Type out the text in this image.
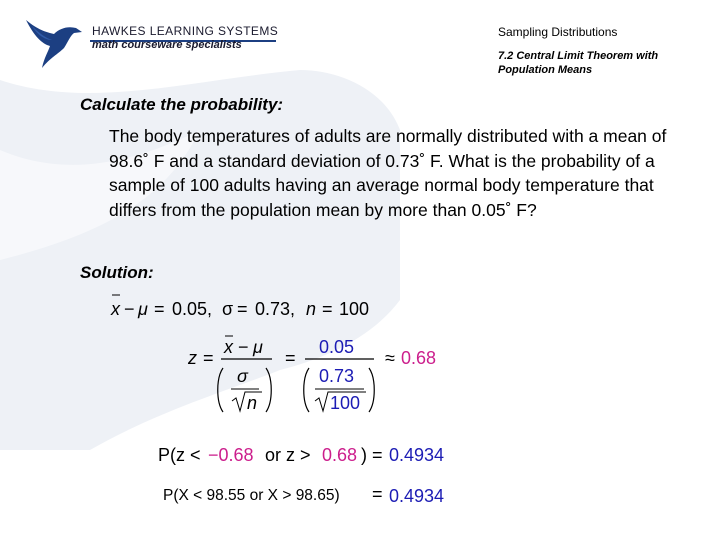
HAWKES LEARNING SYSTEMS
math courseware specialists
Sampling Distributions
7.2 Central Limit Theorem with Population Means
Calculate the probability:
The body temperatures of adults are normally distributed with a mean of 98.6˚ F and a standard deviation of 0.73˚ F. What is the probability of a sample of 100 adults having an average normal body temperature that differs from the population mean by more than 0.05˚ F?
Solution:
x − μ = 0.05, σ = 0.73, n = 100
z =
x − μ
σ
n
=
0.05
0.73
100
≈ 0.68
P(z < −0.68 or z > 0.68 ) = 0.4934
P(X < 98.55 or X > 98.65) = 0.4934
